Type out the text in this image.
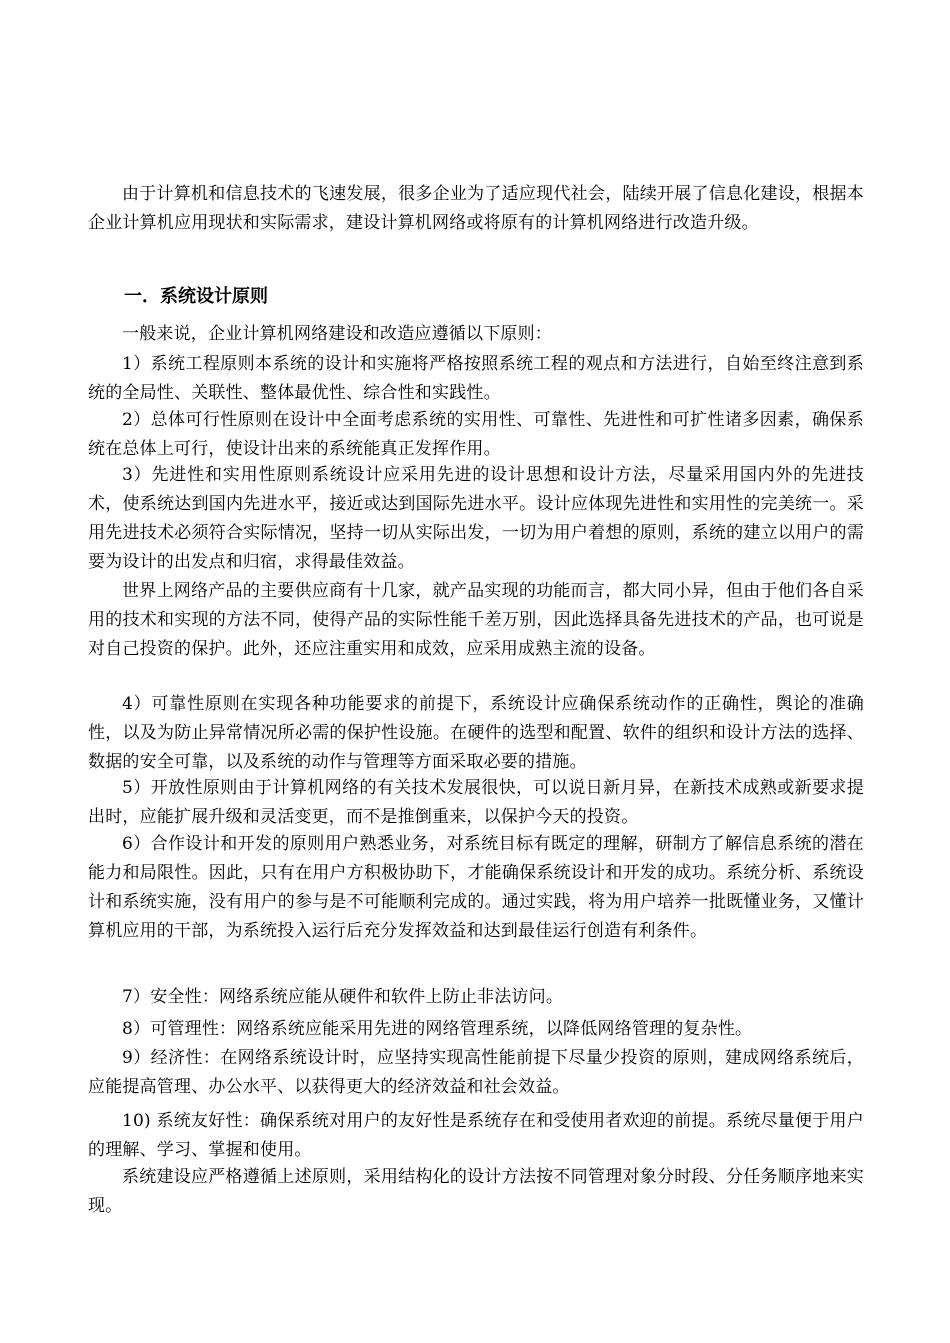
由于计算机和信息技术的飞速发展，很多企业为了适应现代社会，陆续开展了信息化建设，根据本企业计算机应用现状和实际需求，建设计算机网络或将原有的计算机网络进行改造升级。

一．系统设计原则

一般来说，企业计算机网络建设和改造应遵循以下原则：

1）系统工程原则本系统的设计和实施将严格按照系统工程的观点和方法进行，自始至终注意到系统的全局性、关联性、整体最优性、综合性和实践性。

2）总体可行性原则在设计中全面考虑系统的实用性、可靠性、先进性和可扩性诸多因素，确保系统在总体上可行，使设计出来的系统能真正发挥作用。

3）先进性和实用性原则系统设计应采用先进的设计思想和设计方法，尽量采用国内外的先进技术，使系统达到国内先进水平，接近或达到国际先进水平。设计应体现先进性和实用性的完美统一。采用先进技术必须符合实际情况，坚持一切从实际出发，一切为用户着想的原则，系统的建立以用户的需要为设计的出发点和归宿，求得最佳效益。

世界上网络产品的主要供应商有十几家，就产品实现的功能而言，都大同小异，但由于他们各自采用的技术和实现的方法不同，使得产品的实际性能千差万别，因此选择具备先进技术的产品，也可说是对自己投资的保护。此外，还应注重实用和成效，应采用成熟主流的设备。

4）可靠性原则在实现各种功能要求的前提下，系统设计应确保系统动作的正确性，舆论的准确性，以及为防止异常情况所必需的保护性设施。在硬件的选型和配置、软件的组织和设计方法的选择、数据的安全可靠，以及系统的动作与管理等方面采取必要的措施。

5）开放性原则由于计算机网络的有关技术发展很快，可以说日新月异，在新技术成熟或新要求提出时，应能扩展升级和灵活变更，而不是推倒重来，以保护今天的投资。

6）合作设计和开发的原则用户熟悉业务，对系统目标有既定的理解，研制方了解信息系统的潜在能力和局限性。因此，只有在用户方积极协助下，才能确保系统设计和开发的成功。系统分析、系统设计和系统实施，没有用户的参与是不可能顺利完成的。通过实践，将为用户培养一批既懂业务，又懂计算机应用的干部，为系统投入运行后充分发挥效益和达到最佳运行创造有利条件。

7）安全性：网络系统应能从硬件和软件上防止非法访问。

8）可管理性：网络系统应能采用先进的网络管理系统，以降低网络管理的复杂性。

9）经济性：在网络系统设计时，应坚持实现高性能前提下尽量少投资的原则，建成网络系统后，应能提高管理、办公水平、以获得更大的经济效益和社会效益。

10) 系统友好性：确保系统对用户的友好性是系统存在和受使用者欢迎的前提。系统尽量便于用户的理解、学习、掌握和使用。

系统建设应严格遵循上述原则，采用结构化的设计方法按不同管理对象分时段、分任务顺序地来实现。
